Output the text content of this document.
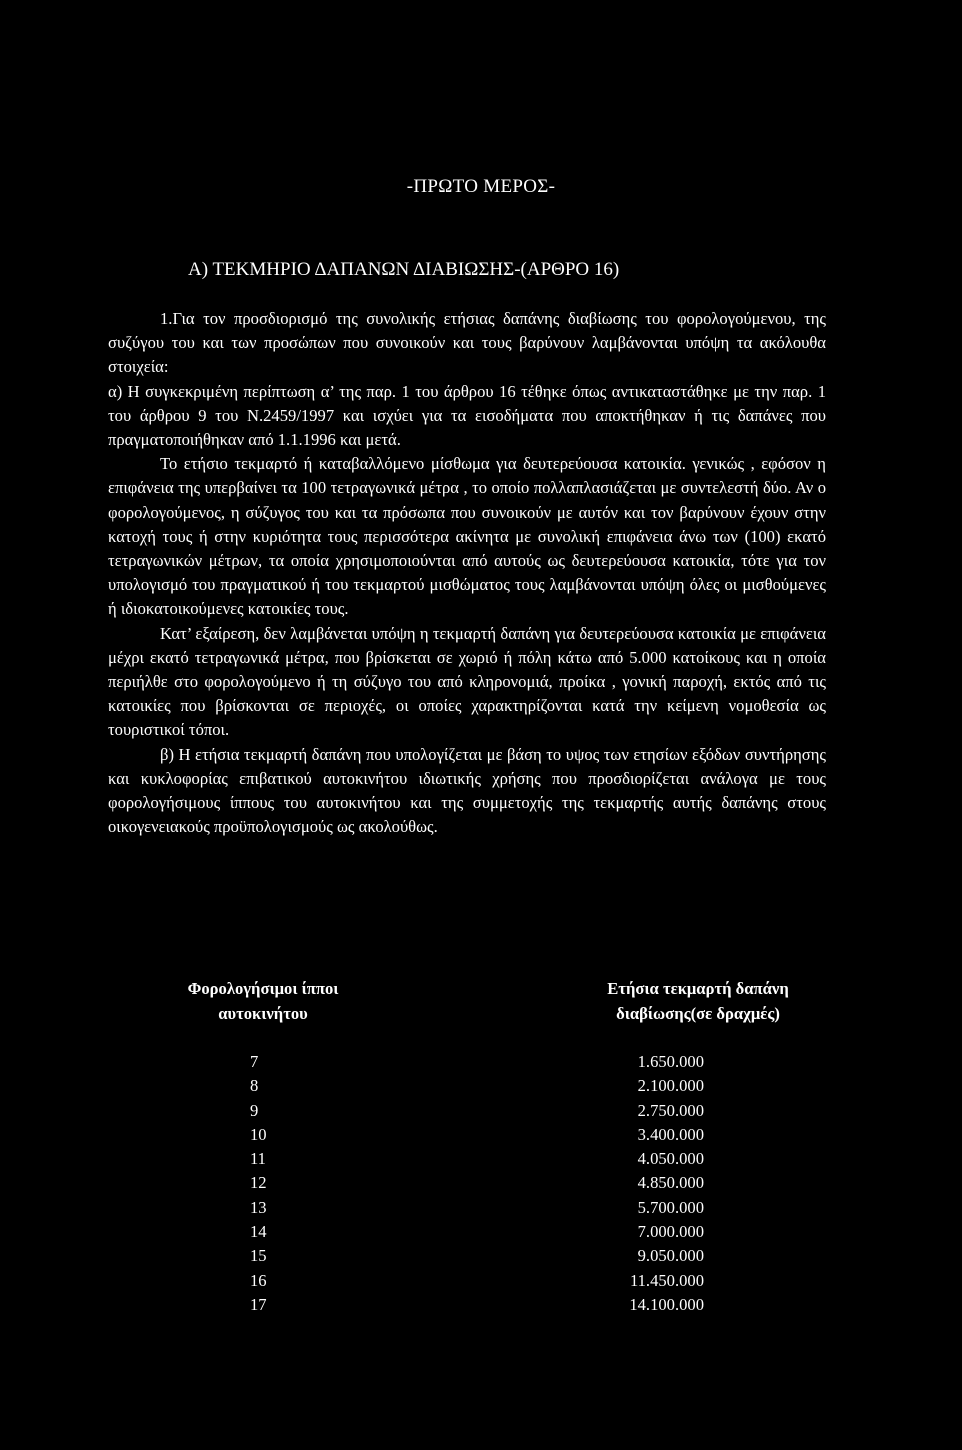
-ΠΡΩΤΟ ΜΕΡΟΣ-
Α) ΤΕΚΜΗΡΙΟ ΔΑΠΑΝΩΝ ΔΙΑΒΙΩΣΗΣ-(ΑΡΘΡΟ 16)

1.Για τον προσδιορισμό της συνολικής ετήσιας δαπάνης διαβίωσης του φορολογούμενου, της συζύγου του και των προσώπων που συνοικούν και τους βαρύνουν λαμβάνονται υπόψη τα ακόλουθα στοιχεία:

α) Η συγκεκριμένη περίπτωση α’ της παρ. 1 του άρθρου 16 τέθηκε όπως αντικαταστάθηκε με την παρ. 1 του άρθρου 9 του Ν.2459/1997 και ισχύει για τα εισοδήματα που αποκτήθηκαν ή τις δαπάνες που πραγματοποιήθηκαν από 1.1.1996 και μετά.

Το ετήσιο τεκμαρτό ή καταβαλλόμενο μίσθωμα για δευτερεύουσα κατοικία. γενικώς , εφόσον η επιφάνεια της υπερβαίνει τα 100 τετραγωνικά μέτρα , το οποίο πολλαπλασιάζεται με συντελεστή δύο. Αν ο φορολογούμενος, η σύζυγος του και τα πρόσωπα που συνοικούν με αυτόν και τον βαρύνουν έχουν στην κατοχή τους ή στην κυριότητα τους περισσότερα ακίνητα με συνολική επιφάνεια άνω των (100) εκατό τετραγωνικών μέτρων, τα οποία χρησιμοποιούνται από αυτούς ως δευτερεύουσα κατοικία, τότε για τον υπολογισμό του πραγματικού ή του τεκμαρτού μισθώματος τους λαμβάνονται υπόψη όλες οι μισθούμενες ή ιδιοκατοικούμενες κατοικίες τους.

Κατ’ εξαίρεση, δεν λαμβάνεται υπόψη η τεκμαρτή δαπάνη για δευτερεύουσα κατοικία με επιφάνεια μέχρι εκατό τετραγωνικά μέτρα, που βρίσκεται σε χωριό ή πόλη κάτω από 5.000 κατοίκους και η οποία περιήλθε στο φορολογούμενο ή τη σύζυγο του από κληρονομιά, προίκα , γονική παροχή, εκτός από τις κατοικίες που βρίσκονται σε περιοχές, οι οποίες χαρακτηρίζονται κατά την κείμενη νομοθεσία ως τουριστικοί τόποι.

β) Η ετήσια τεκμαρτή δαπάνη που υπολογίζεται με βάση το υψος των ετησίων εξόδων συντήρησης και κυκλοφορίας επιβατικού αυτοκινήτου ιδιωτικής χρήσης που προσδιορίζεται ανάλογα με τους φορολογήσιμους ίππους του αυτοκινήτου και της συμμετοχής της τεκμαρτής αυτής δαπάνης στους οικογενειακούς προϋπολογισμούς ως ακολούθως.

Φορολογήσιμοι ίπποι
αυτοκινήτου
Ετήσια τεκμαρτή δαπάνη
διαβίωσης(σε δραχμές)
7	1.650.000
8	2.100.000
9	2.750.000
10	3.400.000
11	4.050.000
12	4.850.000
13	5.700.000
14	7.000.000
15	9.050.000
16	11.450.000
17	14.100.000
